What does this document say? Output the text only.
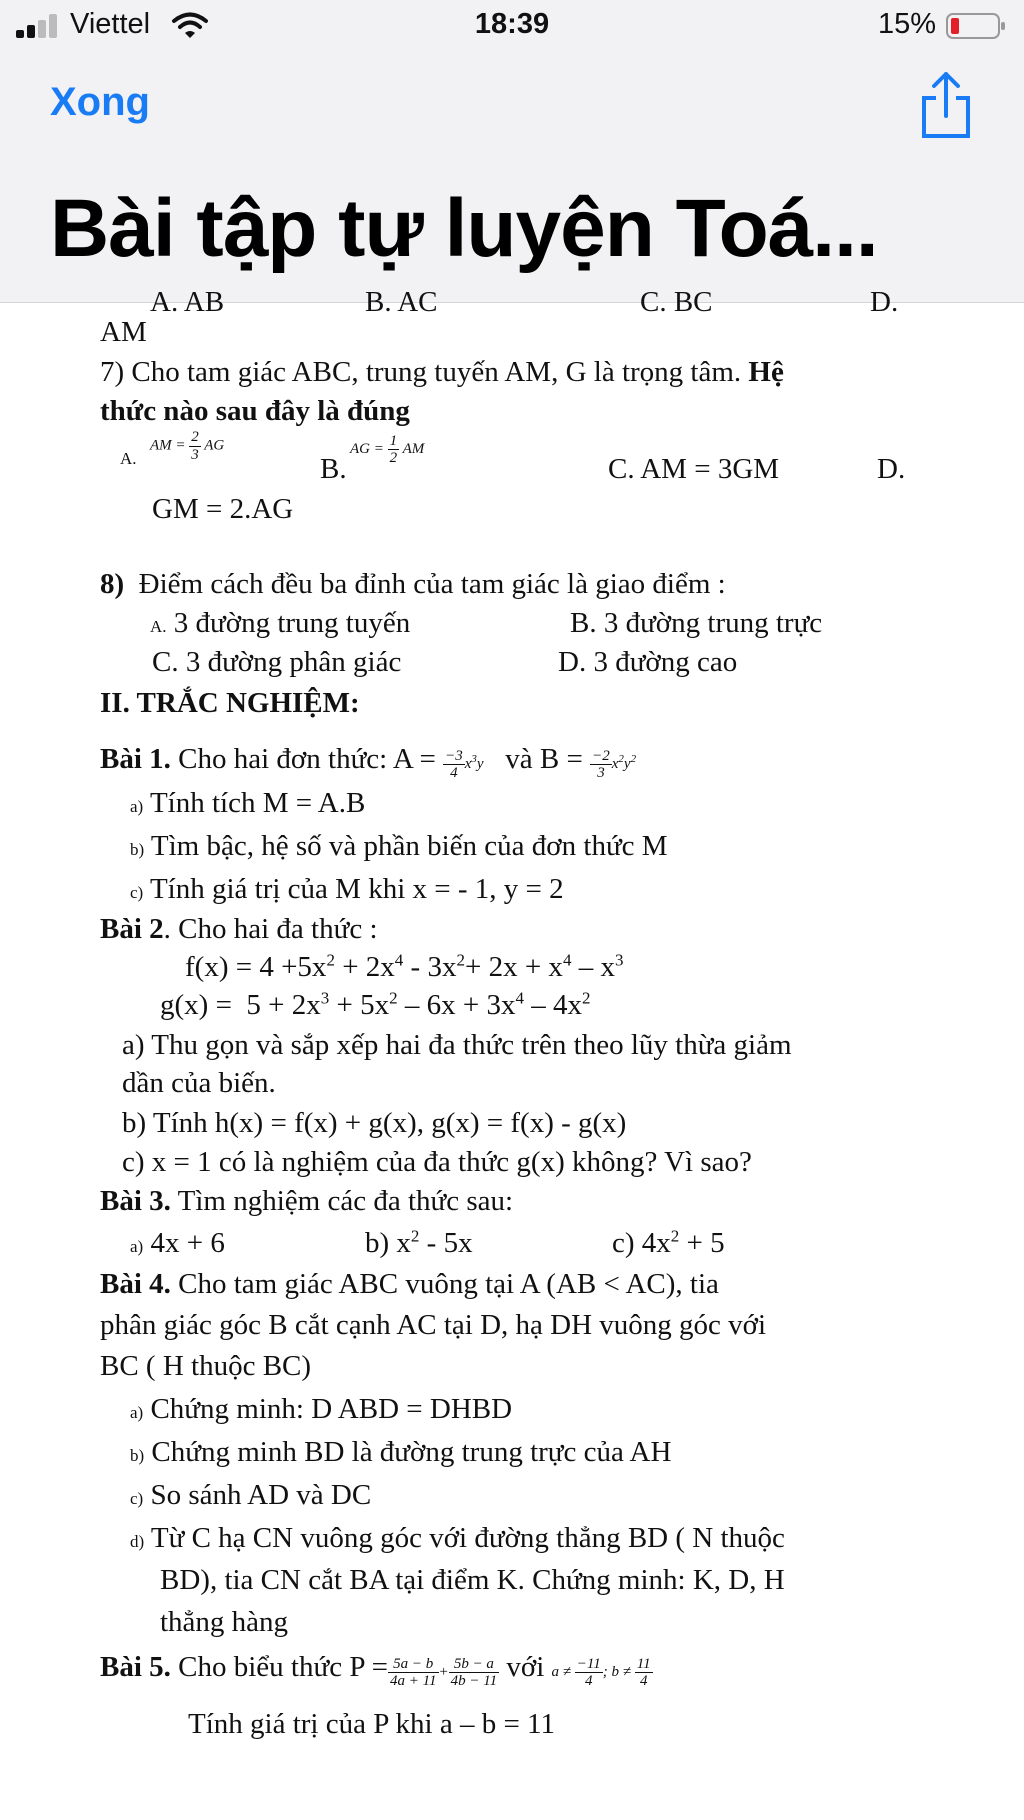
Viettel	18:39	15%
Xong
Bài tập tự luyện Toá...
A. AB	B. AC	C. BC	D.
AM
7) Cho tam giác ABC, trung tuyến AM, G là trọng tâm. Hệ
thức nào sau đây là đúng
A.
AM = $\frac{2}{3}$ AG
B.
AG = $\frac{1}{2}$ AM
C. AM = 3GM	D.
GM = 2.AG
8) Điểm cách đều ba đỉnh của tam giác là giao điểm :
A. 3 đường trung tuyến	B. 3 đường trung trực
C. 3 đường phân giác	D. 3 đường cao
II. TRẮC NGHIỆM:
Bài 1. Cho hai đơn thức: $A = \frac{-3}{4} x^3y$ và $B = \frac{-2}{3} x^2y^2$
a) Tính tích M = A.B
b) Tìm bậc, hệ số và phần biến của đơn thức M
c) Tính giá trị của M khi x = - 1, y = 2
Bài 2. Cho hai đa thức :
$f(x) = 4 +5x^2 + 2x^4 - 3x^2+ 2x + x^4 - x^3$
$g(x) = 5 + 2x^3 + 5x^2 - 6x + 3x^4 - 4x^2$
a) Thu gọn và sắp xếp hai đa thức trên theo lũy thừa giảm
dần của biến.
b) Tính h(x) = f(x) + g(x), g(x) = f(x) - g(x)
c) x = 1 có là nghiệm của đa thức g(x) không? Vì sao?
Bài 3. Tìm nghiệm các đa thức sau:
a) 4x + 6	b) $x^2 - 5x$	c) $4x^2 + 5$
Bài 4. Cho tam giác ABC vuông tại A (AB < AC), tia
phân giác góc B cắt cạnh AC tại D, hạ DH vuông góc với
BC ( H thuộc BC)
a) Chứng minh: D ABD = DHBD
b) Chứng minh BD là đường trung trực của AH
c) So sánh AD và DC
d) Từ C hạ CN vuông góc với đường thẳng BD ( N thuộc
BD), tia CN cắt BA tại điểm K. Chứng minh: K, D, H
thẳng hàng
Bài 5. Cho biểu thức $P = \frac{5a - b}{4a + 11} + \frac{5b - a}{4b - 11}$ với $a \ne \frac{-11}{4}$ ; $b \ne \frac{11}{4}$
Tính giá trị của P khi a – b = 11
